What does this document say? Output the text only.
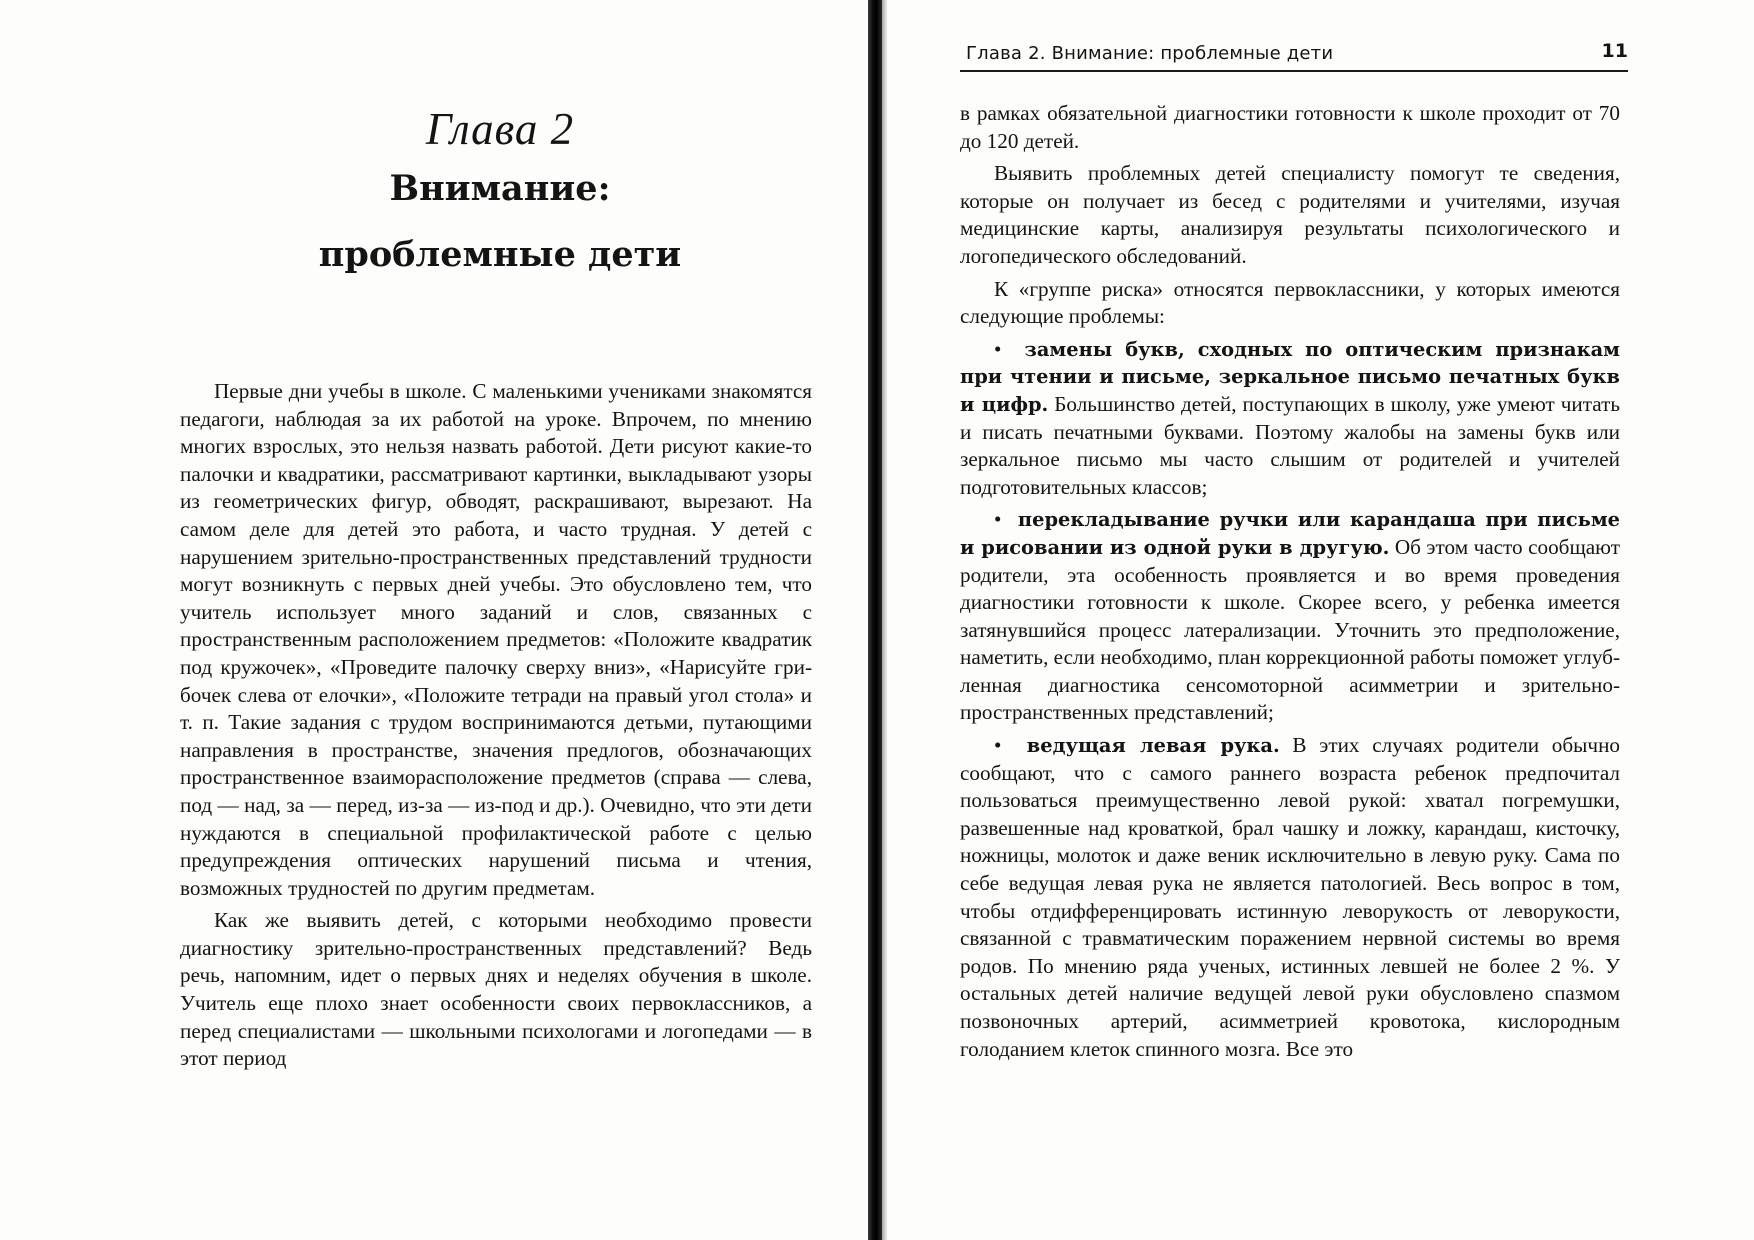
Глава 2
Внимание:
проблемные дети

Первые дни учебы в школе. С маленькими учениками знакомятся педагоги, наблюдая за их работой на уроке. Впрочем, по мнению многих взрослых, это нельзя назвать работой. Дети рисуют какие-то палочки и квадратики, рассматривают картинки, выкладывают узоры из геометрических фигур, обводят, раскрашивают, вырезают. На самом деле для детей это работа, и часто трудная. У детей с нарушением зрительно-пространственных представлений трудности могут возникнуть с первых дней учебы. Это обусловлено тем, что учитель использует много заданий и слов, связанных с пространственным расположением предметов: «Положите квадратик под кружочек», «Проведите палочку сверху вниз», «Нарисуйте грибочек слева от елочки», «Положите тетради на правый угол стола» и т. п. Такие задания с трудом воспринимаются детьми, путающими направления в пространстве, значения предлогов, обозначающих пространственное взаиморасположение предметов (справа — слева, под — над, за — перед, из-за — из-под и др.). Очевидно, что эти дети нуждаются в специальной профилактической работе с целью предупреждения оптических нарушений письма и чтения, возможных трудностей по другим предметам.

Как же выявить детей, с которыми необходимо провести диагностику зрительно-пространственных представлений? Ведь речь, напомним, идет о первых днях и неделях обучения в школе. Учитель еще плохо знает особенности своих первоклассников, а перед специалистами — школьными психологами и логопедами — в этот период

Глава 2. Внимание: проблемные дети	11

в рамках обязательной диагностики готовности к школе проходит от 70 до 120 детей.

Выявить проблемных детей специалисту помогут те сведения, которые он получает из бесед с родителями и учителями, изучая медицинские карты, анализируя результаты психологического и логопедического обследований.

К «группе риска» относятся первоклассники, у которых имеются следующие проблемы:

• замены букв, сходных по оптическим признакам при чтении и письме, зеркальное письмо печатных букв и цифр. Большинство детей, поступающих в школу, уже умеют читать и писать печатными буквами. Поэтому жалобы на замены букв или зеркальное письмо мы часто слышим от родителей и учителей подготовительных классов;

• перекладывание ручки или карандаша при письме и рисовании из одной руки в другую. Об этом часто сообщают родители, эта особенность проявляется и во время проведения диагностики готовности к школе. Скорее всего, у ребенка имеется затянувшийся процесс латерализации. Уточнить это предположение, наметить, если необходимо, план коррекционной работы поможет углубленная диагностика сенсомоторной асимметрии и зрительно-пространственных представлений;

• ведущая левая рука. В этих случаях родители обычно сообщают, что с самого раннего возраста ребенок предпочитал пользоваться преимущественно левой рукой: хватал погремушки, развешенные над кроваткой, брал чашку и ложку, карандаш, кисточку, ножницы, молоток и даже веник исключительно в левую руку. Сама по себе ведущая левая рука не является патологией. Весь вопрос в том, чтобы отдифференцировать истинную леворукость от леворукости, связанной с травматическим поражением нервной системы во время родов. По мнению ряда ученых, истинных левшей не более 2 %. У остальных детей наличие ведущей левой руки обусловлено спазмом позвоночных артерий, асимметрией кровотока, кислородным голоданием клеток спинного мозга. Все это
